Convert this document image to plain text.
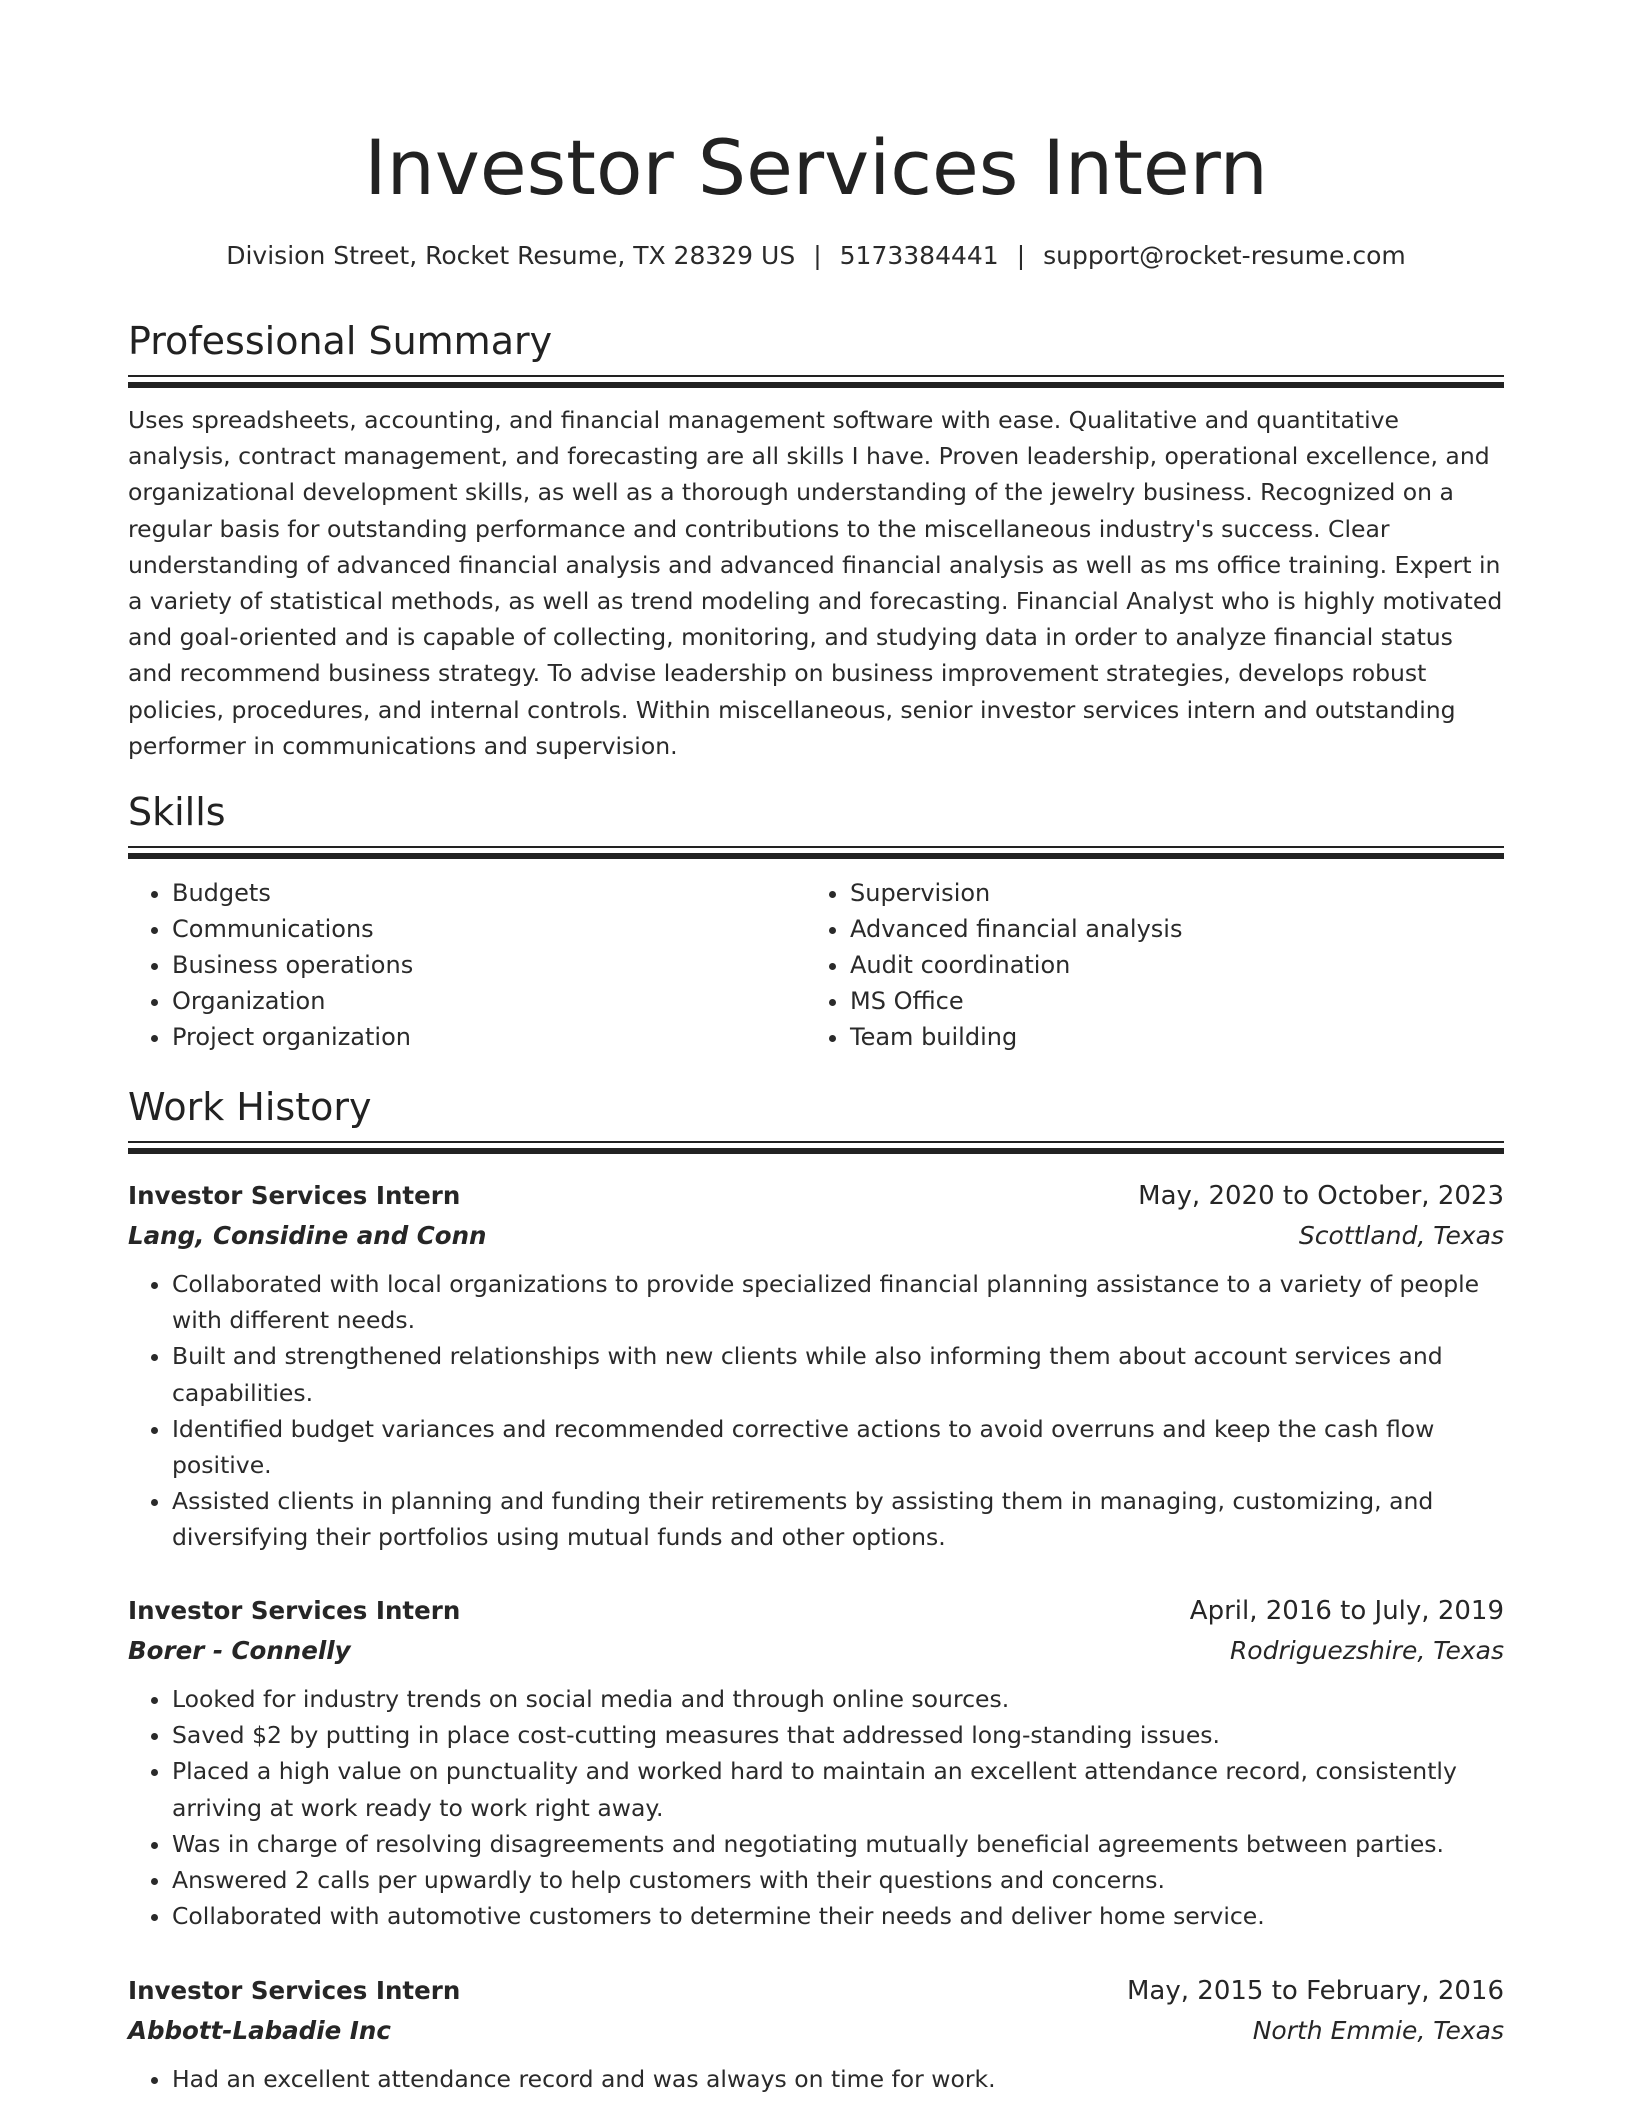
Investor Services Intern
Division Street, Rocket Resume, TX 28329 US | 5173384441 | support@rocket-resume.com
Professional Summary

Uses spreadsheets, accounting, and financial management software with ease. Qualitative and quantitative analysis, contract management, and forecasting are all skills I have. Proven leadership, operational excellence, and organizational development skills, as well as a thorough understanding of the jewelry business. Recognized on a regular basis for outstanding performance and contributions to the miscellaneous industry's success. Clear understanding of advanced financial analysis and advanced financial analysis as well as ms office training. Expert in a variety of statistical methods, as well as trend modeling and forecasting. Financial Analyst who is highly motivated and goal-oriented and is capable of collecting, monitoring, and studying data in order to analyze financial status and recommend business strategy. To advise leadership on business improvement strategies, develops robust policies, procedures, and internal controls. Within miscellaneous, senior investor services intern and outstanding performer in communications and supervision.

Skills
• Budgets
• Communications
• Business operations
• Organization
• Project organization
• Supervision
• Advanced financial analysis
• Audit coordination
• MS Office
• Team building
Work History
Investor Services Intern	May, 2020 to October, 2023
Lang, Considine and Conn	Scottland, Texas
• Collaborated with local organizations to provide specialized financial planning assistance to a variety of people with different needs.
• Built and strengthened relationships with new clients while also informing them about account services and capabilities.
• Identified budget variances and recommended corrective actions to avoid overruns and keep the cash flow positive.
• Assisted clients in planning and funding their retirements by assisting them in managing, customizing, and diversifying their portfolios using mutual funds and other options.
Investor Services Intern	April, 2016 to July, 2019
Borer - Connelly	Rodriguezshire, Texas
• Looked for industry trends on social media and through online sources.
• Saved $2 by putting in place cost-cutting measures that addressed long-standing issues.
• Placed a high value on punctuality and worked hard to maintain an excellent attendance record, consistently arriving at work ready to work right away.
• Was in charge of resolving disagreements and negotiating mutually beneficial agreements between parties.
• Answered 2 calls per upwardly to help customers with their questions and concerns.
• Collaborated with automotive customers to determine their needs and deliver home service.
Investor Services Intern	May, 2015 to February, 2016
Abbott-Labadie Inc	North Emmie, Texas
• Had an excellent attendance record and was always on time for work.
